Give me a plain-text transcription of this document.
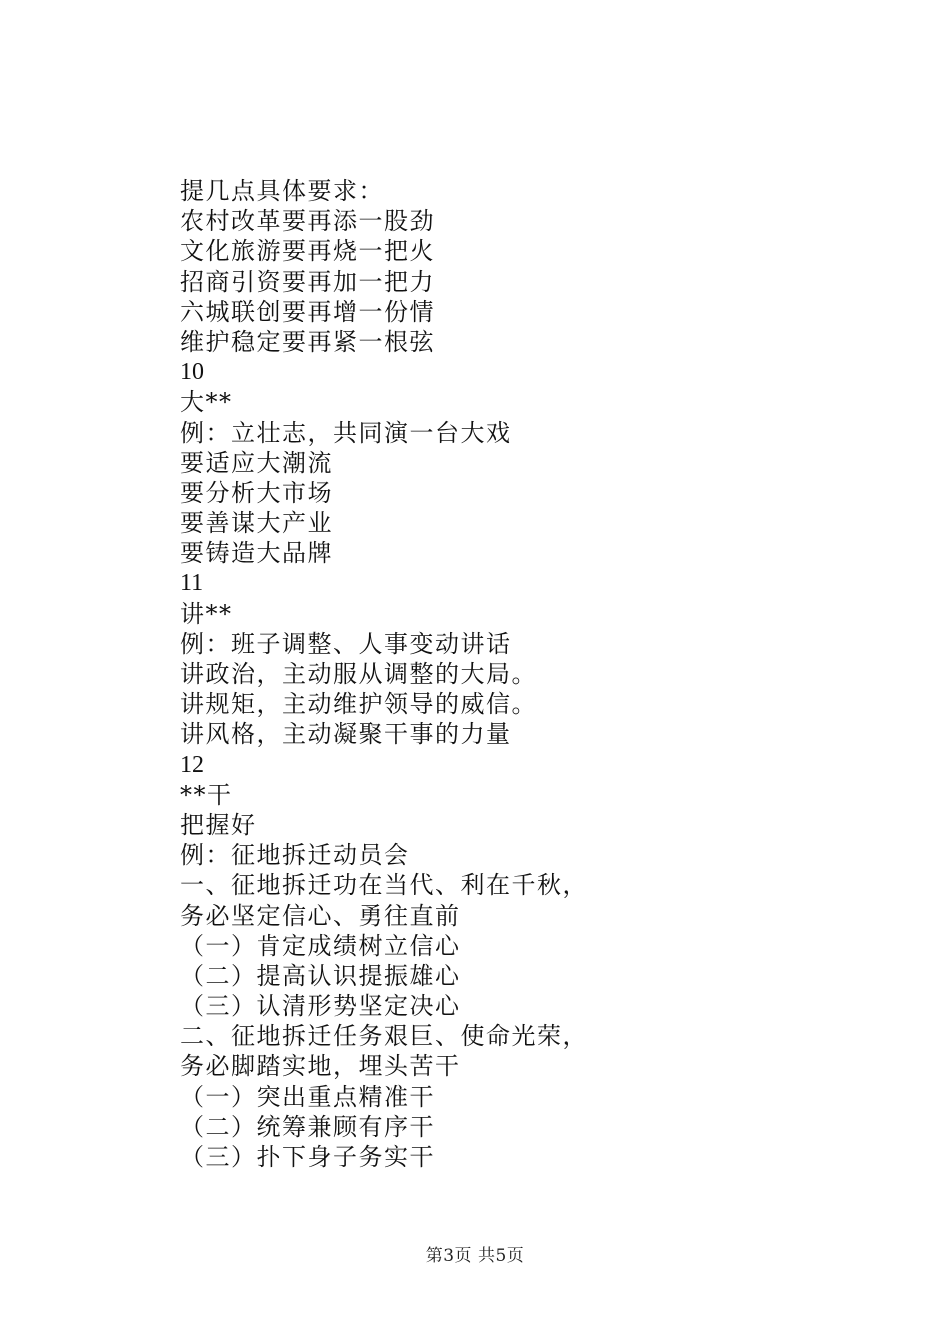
提几点具体要求：
农村改革要再添一股劲
文化旅游要再烧一把火
招商引资要再加一把力
六城联创要再增一份情
维护稳定要再紧一根弦
10
大**
例：立壮志，共同演一台大戏
要适应大潮流
要分析大市场
要善谋大产业
要铸造大品牌
11
讲**
例：班子调整、人事变动讲话
讲政治，主动服从调整的大局。
讲规矩，主动维护领导的威信。
讲风格，主动凝聚干事的力量
12
**干
把握好
例：征地拆迁动员会
一、征地拆迁功在当代、利在千秋，
务必坚定信心、勇往直前
（一）肯定成绩树立信心
（二）提高认识提振雄心
（三）认清形势坚定决心
二、征地拆迁任务艰巨、使命光荣，
务必脚踏实地，埋头苦干
（一）突出重点精准干
（二）统筹兼顾有序干
（三）扑下身子务实干
第3页 共5页
